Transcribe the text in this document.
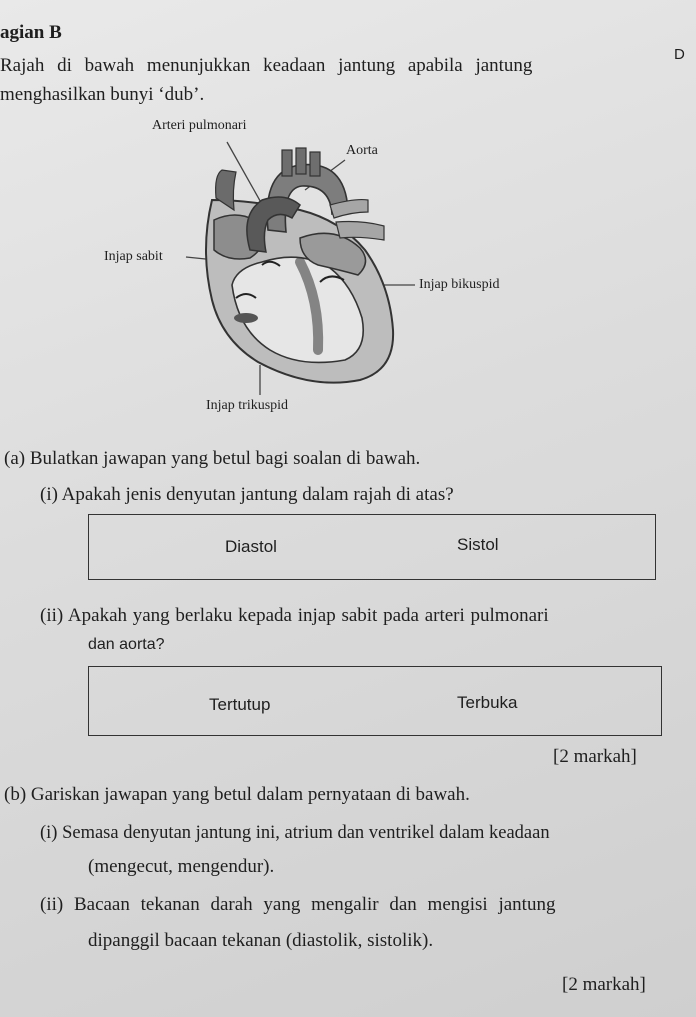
agian B
D
Rajah di bawah menunjukkan keadaan jantung apabila jantung
menghasilkan bunyi ‘dub’.
Arteri pulmonari
Aorta
Injap sabit
Injap bikuspid
Injap trikuspid
(a) Bulatkan jawapan yang betul bagi soalan di bawah.
(i) Apakah jenis denyutan jantung dalam rajah di atas?
Diastol	Sistol
(ii) Apakah yang berlaku kepada injap sabit pada arteri pulmonari
dan aorta?
Tertutup	Terbuka
[2 markah]
(b) Gariskan jawapan yang betul dalam pernyataan di bawah.
(i) Semasa denyutan jantung ini, atrium dan ventrikel dalam keadaan
(mengecut, mengendur).
(ii) Bacaan tekanan darah yang mengalir dan mengisi jantung
dipanggil bacaan tekanan (diastolik, sistolik).
[2 markah]
